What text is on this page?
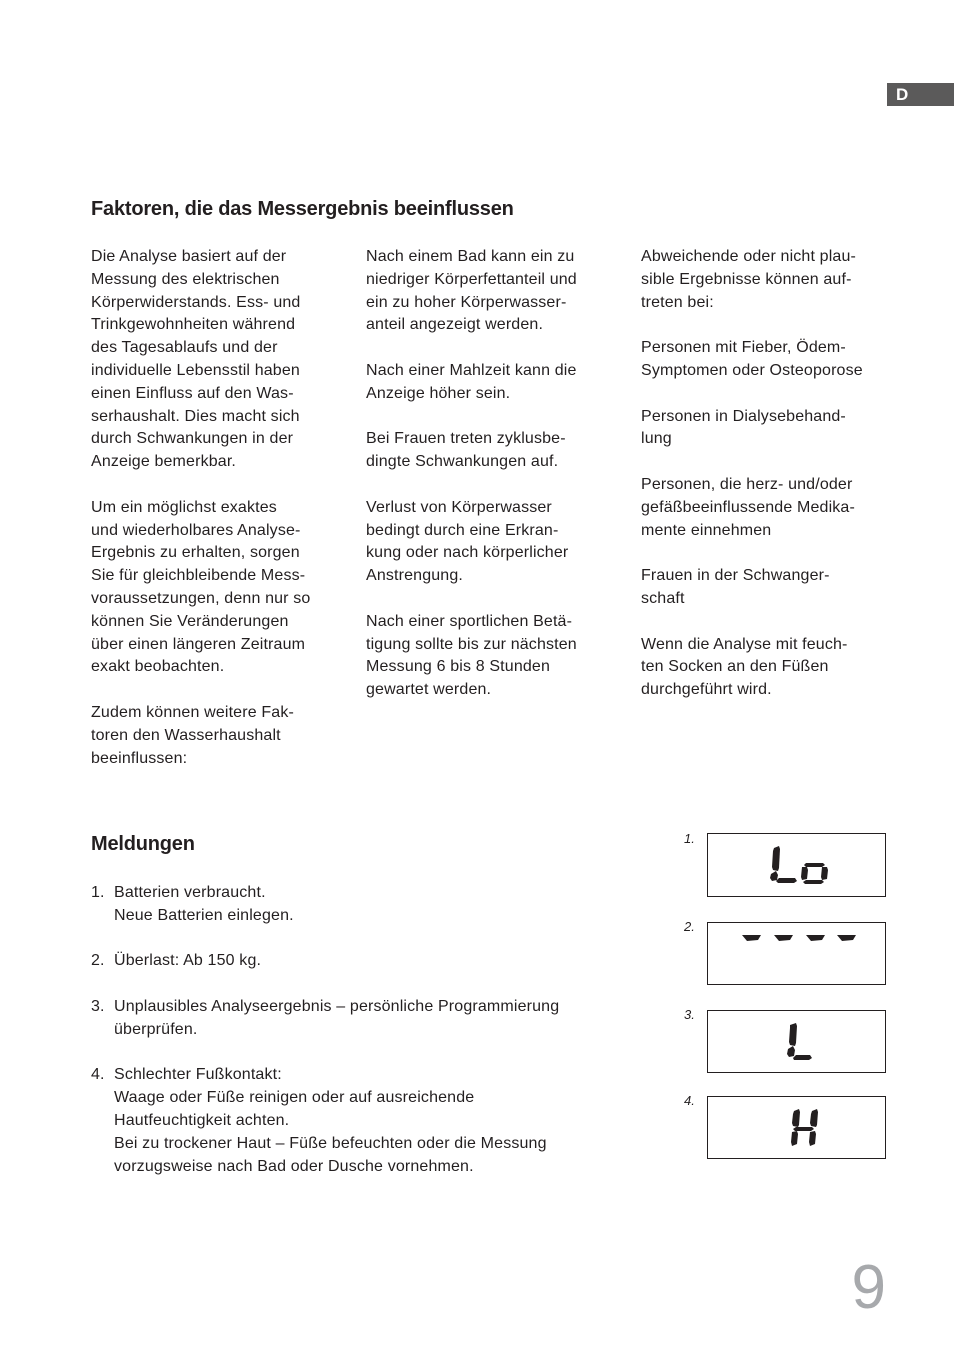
D
Faktoren, die das Messergebnis beeinflussen

Die Analyse basiert auf der
Messung des elektrischen
Körperwiderstands. Ess- und
Trinkgewohnheiten während
des Tagesablaufs und der
individuelle Lebensstil haben
einen Einfluss auf den Was-
serhaushalt. Dies macht sich
durch Schwankungen in der
Anzeige bemerkbar.

Um ein möglichst exaktes
und wiederholbares Analyse-
Ergebnis zu erhalten, sorgen
Sie für gleichbleibende Mess-
voraussetzungen, denn nur so
können Sie Veränderungen
über einen längeren Zeitraum
exakt beobachten.

Zudem können weitere Fak-
toren den Wasserhaushalt
beeinflussen:

Nach einem Bad kann ein zu
niedriger Körperfettanteil und
ein zu hoher Körperwasser-
anteil angezeigt werden.

Nach einer Mahlzeit kann die
Anzeige höher sein.

Bei Frauen treten zyklusbe-
dingte Schwankungen auf.

Verlust von Körperwasser
bedingt durch eine Erkran-
kung oder nach körperlicher
Anstrengung.

Nach einer sportlichen Betä-
tigung sollte bis zur nächsten
Messung 6 bis 8 Stunden
gewartet werden.

Abweichende oder nicht plau-
sible Ergebnisse können auf-
treten bei:

Personen mit Fieber, Ödem-
Symptomen oder Osteoporose

Personen in Dialysebehand-
lung

Personen, die herz- und/oder
gefäßbeeinflussende Medika-
mente einnehmen

Frauen in der Schwanger-
schaft

Wenn die Analyse mit feuch-
ten Socken an den Füßen
durchgeführt wird.

Meldungen
1. Batterien verbraucht.
Neue Batterien einlegen.
2. Überlast: Ab 150 kg.
3. Unplausibles Analyseergebnis – persönliche Programmierung
überprüfen.
4. Schlechter Fußkontakt:
Waage oder Füße reinigen oder auf ausreichende
Hautfeuchtigkeit achten.
Bei zu trockener Haut – Füße befeuchten oder die Messung
vorzugsweise nach Bad oder Dusche vornehmen.
1.
2.
3.
4.
9
